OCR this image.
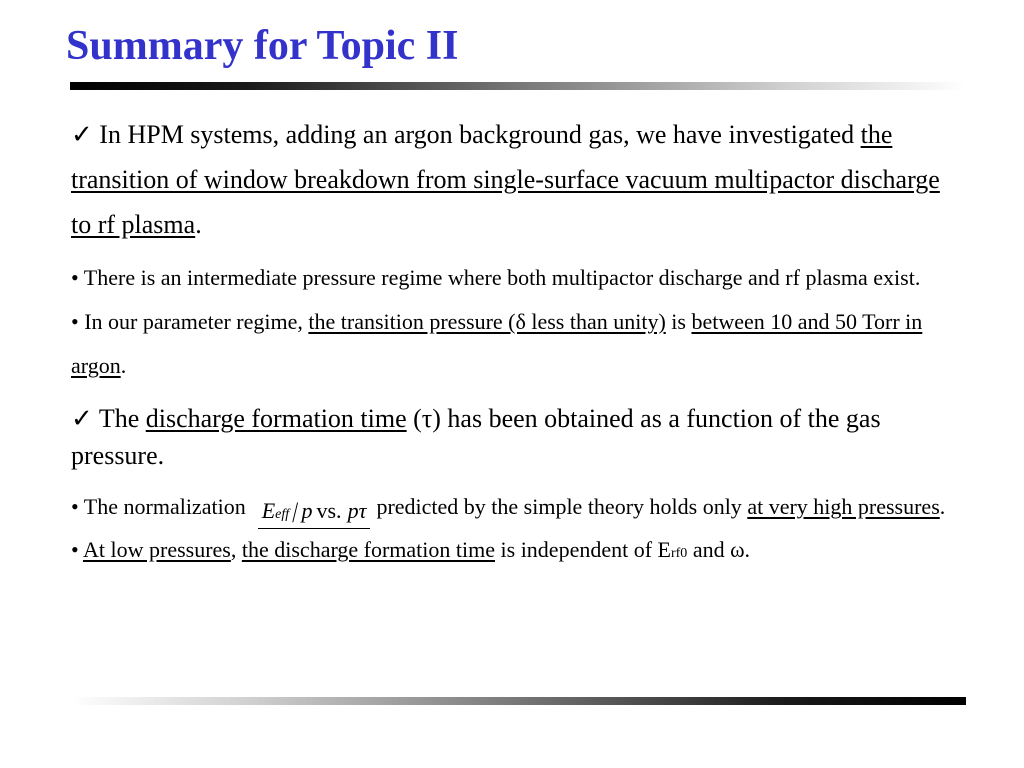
Summary for Topic II

✓ In HPM systems, adding an argon background gas, we have investigated the transition of window breakdown from single-surface vacuum multipactor discharge to rf plasma.

• There is an intermediate pressure regime where both multipactor discharge and rf plasma exist.

• In our parameter regime, the transition pressure (δ less than unity) is between 10 and 50 Torr in argon.

✓ The discharge formation time (τ) has been obtained as a function of the gas pressure.

• The normalization Eeff / p vs. pτ predicted by the simple theory holds only at very high pressures.

• At low pressures, the discharge formation time is independent of Erf0 and ω.
